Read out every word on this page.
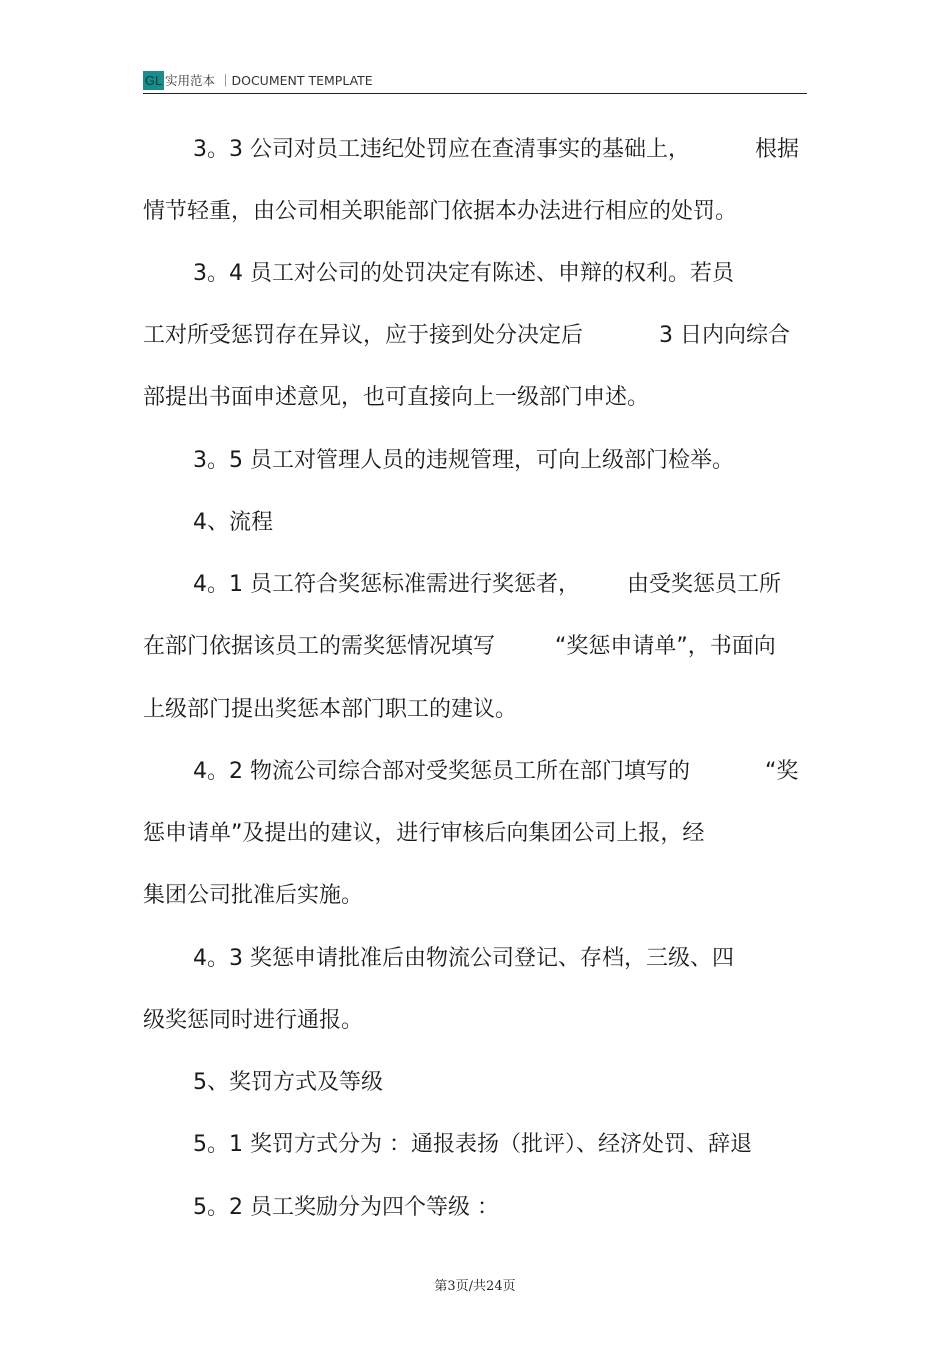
GL 实用范本 ｜DOCUMENT TEMPLATE
3。3 公司对员工违纪处罚应在查清事实的基础上，	根据
情节轻重，由公司相关职能部门依据本办法进行相应的处罚。
3。4 员工对公司的处罚决定有陈述、申辩的权利。若员
工对所受惩罚存在异议，应于接到处分决定后	3 日内向综合
部提出书面申述意见，也可直接向上一级部门申述。
3。5 员工对管理人员的违规管理，可向上级部门检举。
4、流程
4。1 员工符合奖惩标准需进行奖惩者， 由受奖惩员工所
在部门依据该员工的需奖惩情况填写	“奖惩申请单”，书面向
上级部门提出奖惩本部门职工的建议。
4。2 物流公司综合部对受奖惩员工所在部门填写的	“奖
惩申请单”及提出的建议，进行审核后向集团公司上报，经
集团公司批准后实施。
4。3 奖惩申请批准后由物流公司登记、存档，三级、四
级奖惩同时进行通报。
5、奖罚方式及等级
5。1 奖罚方式分为 ：通报表扬（批评）、经济处罚、辞退
5。2 员工奖励分为四个等级 ：
第3页/共24页
